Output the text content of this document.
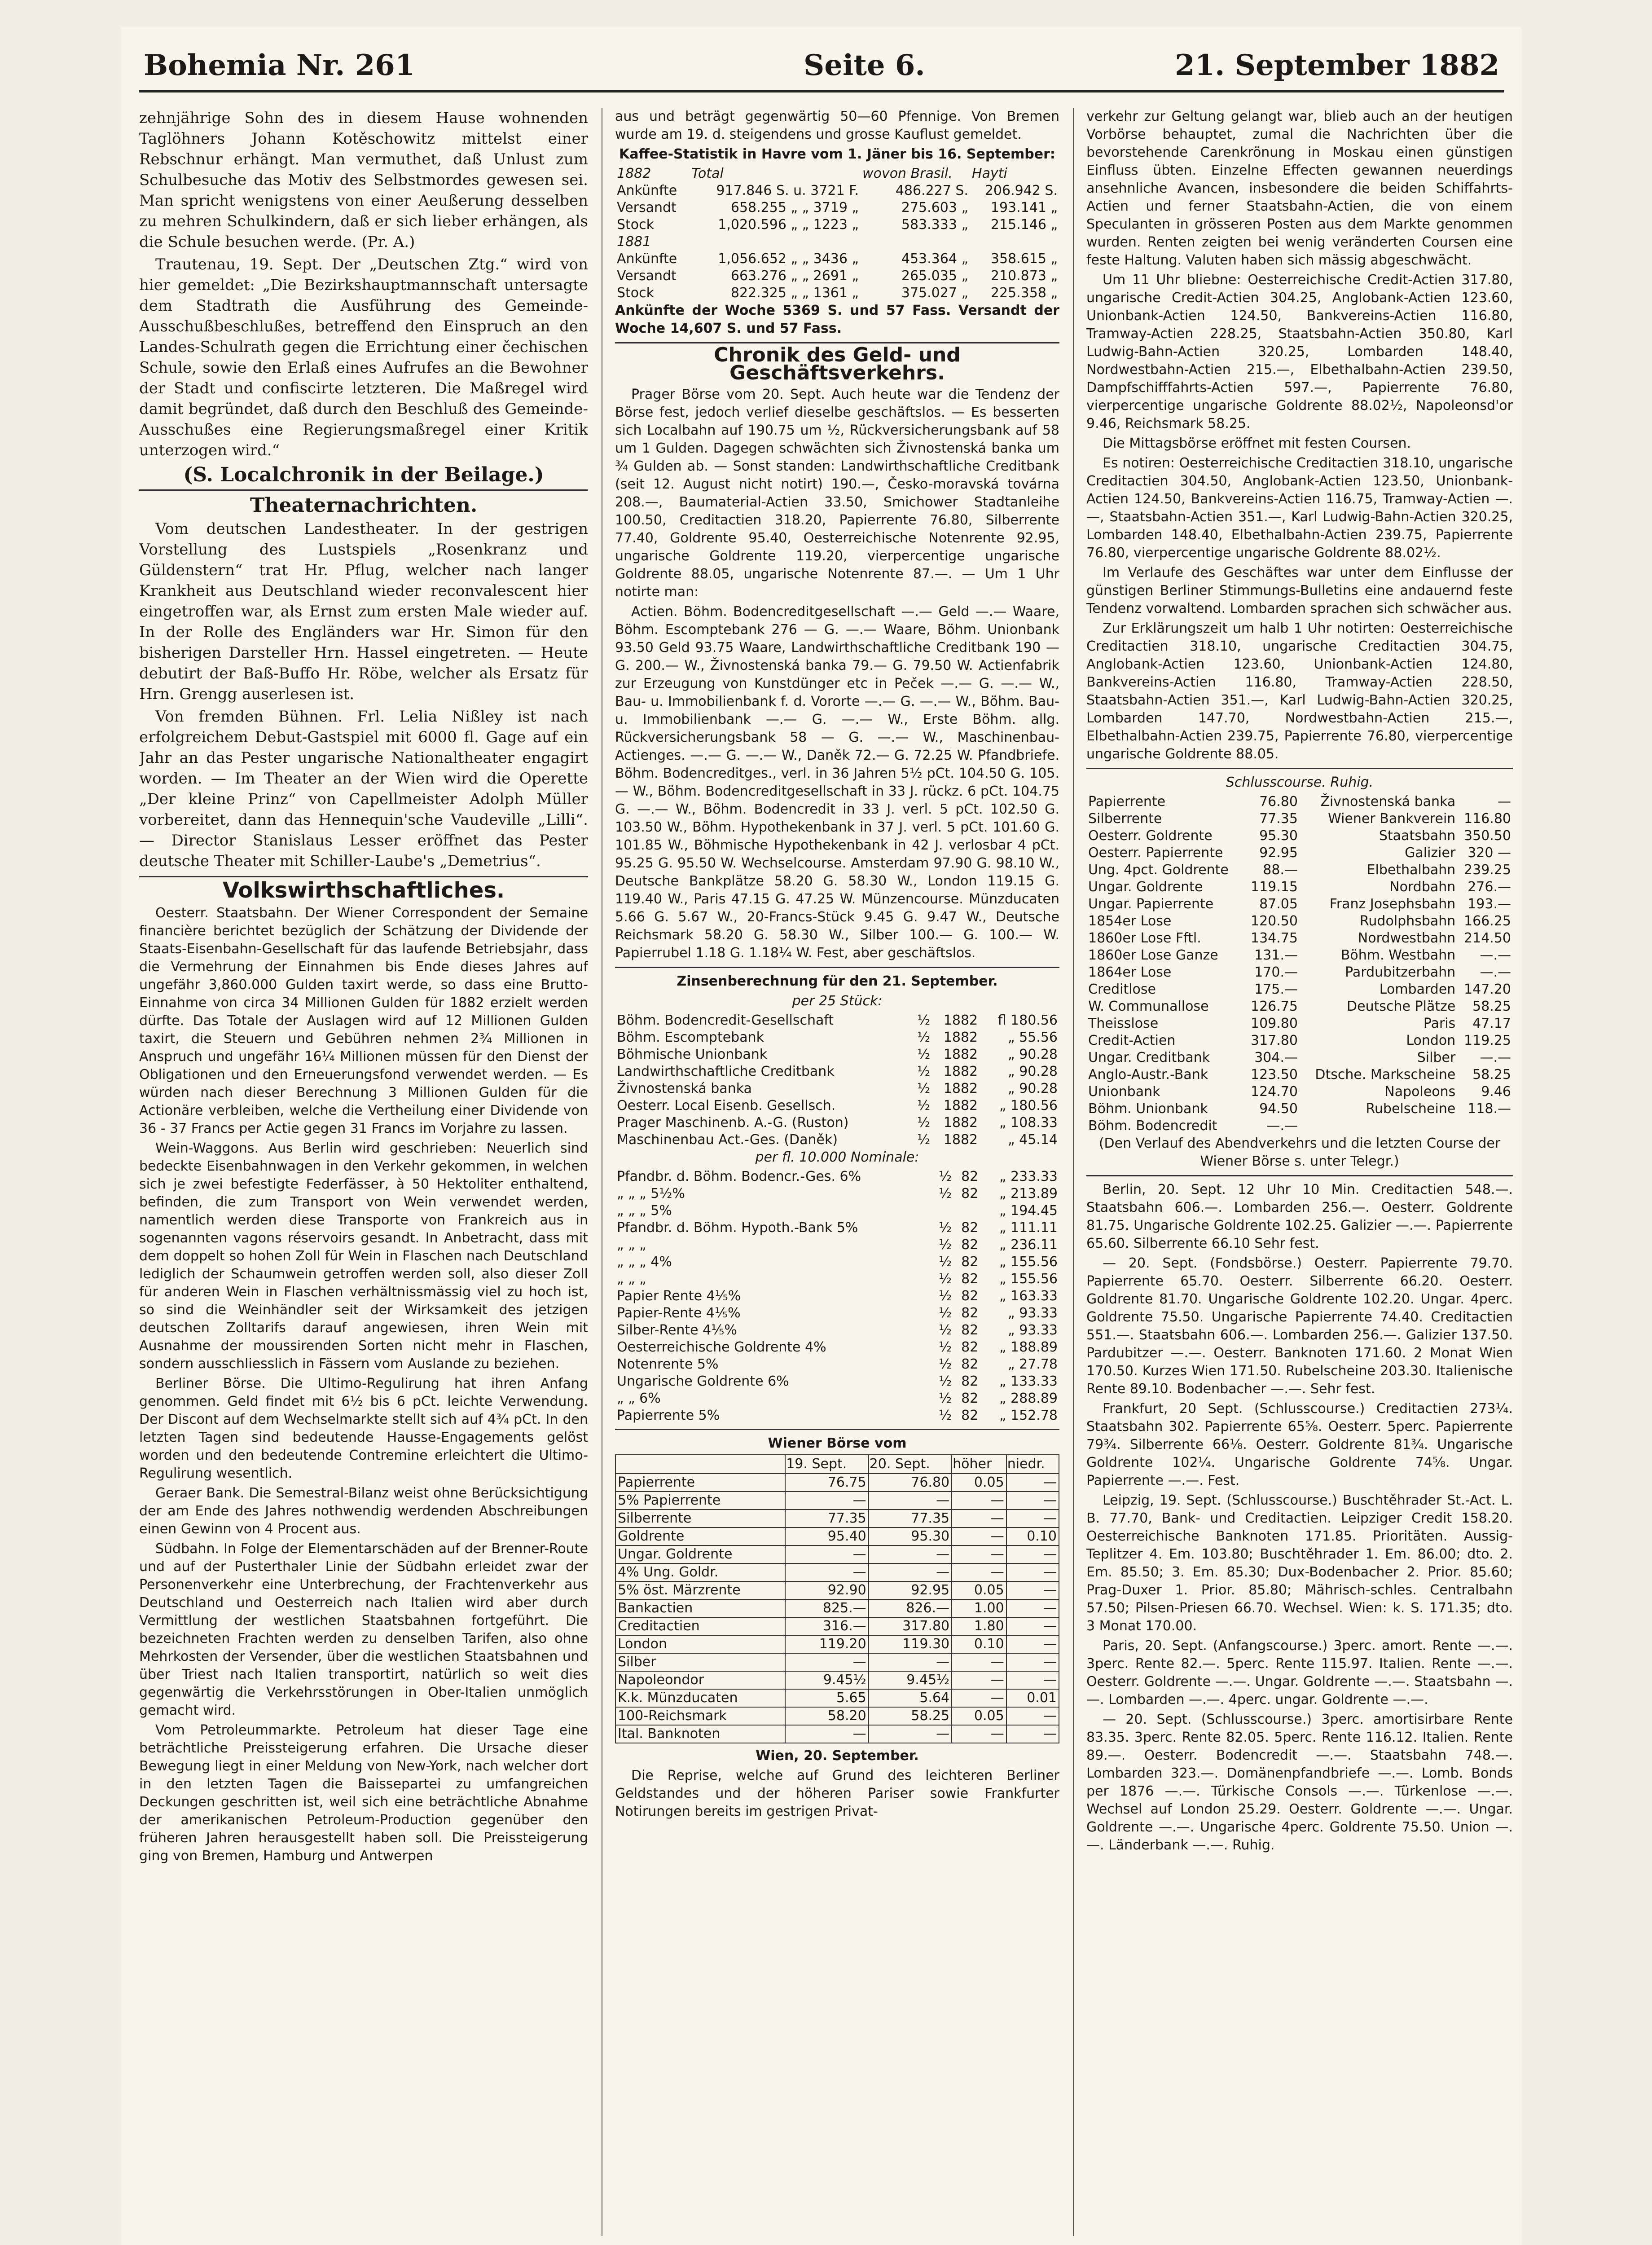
Bohemia Nr. 261	Seite 6.	21. September 1882

zehnjährige Sohn des in diesem Hause wohnenden Taglöhners Johann Kotěschowitz mittelst einer Rebschnur erhängt. Man vermuthet, daß Unlust zum Schulbesuche das Motiv des Selbstmordes gewesen sei. Man spricht wenigstens von einer Aeußerung desselben zu mehren Schulkindern, daß er sich lieber erhängen, als die Schule besuchen werde. (Pr. A.)

Trautenau, 19. Sept. Der „Deutschen Ztg.“ wird von hier gemeldet: „Die Bezirkshauptmannschaft untersagte dem Stadtrath die Ausführung des Gemeinde-Ausschußbeschlußes, betreffend den Einspruch an den Landes-Schulrath gegen die Errichtung einer čechischen Schule, sowie den Erlaß eines Aufrufes an die Bewohner der Stadt und confiscirte letzteren. Die Maßregel wird damit begründet, daß durch den Beschluß des Gemeinde-Ausschußes eine Regierungsmaßregel einer Kritik unterzogen wird.“

(S. Localchronik in der Beilage.)

Theaternachrichten.

Vom deutschen Landestheater. In der gestrigen Vorstellung des Lustspiels „Rosenkranz und Güldenstern“ trat Hr. Pflug, welcher nach langer Krankheit aus Deutschland wieder reconvalescent hier eingetroffen war, als Ernst zum ersten Male wieder auf. In der Rolle des Engländers war Hr. Simon für den bisherigen Darsteller Hrn. Hassel eingetreten. — Heute debutirt der Baß-Buffo Hr. Röbe, welcher als Ersatz für Hrn. Grengg auserlesen ist.

Von fremden Bühnen. Frl. Lelia Nißley ist nach erfolgreichem Debut-Gastspiel mit 6000 fl. Gage auf ein Jahr an das Pester ungarische Nationaltheater engagirt worden. — Im Theater an der Wien wird die Operette „Der kleine Prinz“ von Capellmeister Adolph Müller vorbereitet, dann das Hennequin'sche Vaudeville „Lilli“. — Director Stanislaus Lesser eröffnet das Pester deutsche Theater mit Schiller-Laube's „Demetrius“.

Volkswirthschaftliches.

Oesterr. Staatsbahn. Der Wiener Correspondent der Semaine financière berichtet bezüglich der Schätzung der Dividende der Staats-Eisenbahn-Gesellschaft für das laufende Betriebsjahr, dass die Vermehrung der Einnahmen bis Ende dieses Jahres auf ungefähr 3,860.000 Gulden taxirt werde, so dass eine Brutto-Einnahme von circa 34 Millionen Gulden für 1882 erzielt werden dürfte. Das Totale der Auslagen wird auf 12 Millionen Gulden taxirt, die Steuern und Gebühren nehmen 2¾ Millionen in Anspruch und ungefähr 16¼ Millionen müssen für den Dienst der Obligationen und den Erneuerungsfond verwendet werden. — Es würden nach dieser Berechnung 3 Millionen Gulden für die Actionäre verbleiben, welche die Vertheilung einer Dividende von 36 - 37 Francs per Actie gegen 31 Francs im Vorjahre zu lassen.

Wein-Waggons. Aus Berlin wird geschrieben: Neuerlich sind bedeckte Eisenbahnwagen in den Verkehr gekommen, in welchen sich je zwei befestigte Federfässer, à 50 Hektoliter enthaltend, befinden, die zum Transport von Wein verwendet werden, namentlich werden diese Transporte von Frankreich aus in sogenannten vagons réservoirs gesandt. In Anbetracht, dass mit dem doppelt so hohen Zoll für Wein in Flaschen nach Deutschland lediglich der Schaumwein getroffen werden soll, also dieser Zoll für anderen Wein in Flaschen verhältnissmässig viel zu hoch ist, so sind die Weinhändler seit der Wirksamkeit des jetzigen deutschen Zolltarifs darauf angewiesen, ihren Wein mit Ausnahme der moussirenden Sorten nicht mehr in Flaschen, sondern ausschliesslich in Fässern vom Auslande zu beziehen.

Berliner Börse. Die Ultimo-Regulirung hat ihren Anfang genommen. Geld findet mit 6½ bis 6 pCt. leichte Verwendung. Der Discont auf dem Wechselmarkte stellt sich auf 4¾ pCt. In den letzten Tagen sind bedeutende Hausse-Engagements gelöst worden und den bedeutende Contremine erleichtert die Ultimo-Regulirung wesentlich.

Geraer Bank. Die Semestral-Bilanz weist ohne Berücksichtigung der am Ende des Jahres nothwendig werdenden Abschreibungen einen Gewinn von 4 Procent aus.

Südbahn. In Folge der Elementarschäden auf der Brenner-Route und auf der Pusterthaler Linie der Südbahn erleidet zwar der Personenverkehr eine Unterbrechung, der Frachtenverkehr aus Deutschland und Oesterreich nach Italien wird aber durch Vermittlung der westlichen Staatsbahnen fortgeführt. Die bezeichneten Frachten werden zu denselben Tarifen, also ohne Mehrkosten der Versender, über die westlichen Staatsbahnen und über Triest nach Italien transportirt, natürlich so weit dies gegenwärtig die Verkehrsstörungen in Ober-Italien unmöglich gemacht wird.

Vom Petroleummarkte. Petroleum hat dieser Tage eine beträchtliche Preissteigerung erfahren. Die Ursache dieser Bewegung liegt in einer Meldung von New-York, nach welcher dort in den letzten Tagen die Baissepartei zu umfangreichen Deckungen geschritten ist, weil sich eine beträchtliche Abnahme der amerikanischen Petroleum-Production gegenüber den früheren Jahren herausgestellt haben soll. Die Preissteigerung ging von Bremen, Hamburg und Antwerpen

aus und beträgt gegenwärtig 50—60 Pfennige. Von Bremen wurde am 19. d. steigendens und grosse Kauflust gemeldet.

Kaffee-Statistik in Havre vom 1. Jäner bis 16. September:

1882	Total	wovon Brasil.	Hayti
Ankünfte	917.846 S. u. 3721 F.	486.227 S.	206.942 S.
Versandt	658.255 „ „ 3719 „	275.603 „	193.141 „
Stock	1,020.596 „ „ 1223 „	583.333 „	215.146 „
1881			
Ankünfte	1,056.652 „ „ 3436 „	453.364 „	358.615 „
Versandt	663.276 „ „ 2691 „	265.035 „	210.873 „
Stock	822.325 „ „ 1361 „	375.027 „	225.358 „

Ankünfte der Woche 5369 S. und 57 Fass. Versandt der Woche 14,607 S. und 57 Fass.

Chronik des Geld- und Geschäftsverkehrs.

Prager Börse vom 20. Sept. Auch heute war die Tendenz der Börse fest, jedoch verlief dieselbe geschäftslos. — Es besserten sich Localbahn auf 190.75 um ½, Rückversicherungsbank auf 58 um 1 Gulden. Dagegen schwächten sich Živnostenská banka um ¾ Gulden ab. — Sonst standen: Landwirthschaftliche Creditbank (seit 12. August nicht notirt) 190.—, Česko-moravská továrna 208.—, Baumaterial-Actien 33.50, Smichower Stadtanleihe 100.50, Creditactien 318.20, Papierrente 76.80, Silberrente 77.40, Goldrente 95.40, Oesterreichische Notenrente 92.95, ungarische Goldrente 119.20, vierpercentige ungarische Goldrente 88.05, ungarische Notenrente 87.—. — Um 1 Uhr notirte man:

Actien. Böhm. Bodencreditgesellschaft —.— Geld —.— Waare, Böhm. Escomptebank 276 — G. —.— Waare, Böhm. Unionbank 93.50 Geld 93.75 Waare, Landwirthschaftliche Creditbank 190 — G. 200.— W., Živnostenská banka 79.— G. 79.50 W. Actienfabrik zur Erzeugung von Kunstdünger etc in Peček —.— G. —.— W., Bau- u. Immobilienbank f. d. Vororte —.— G. —.— W., Böhm. Bau- u. Immobilienbank —.— G. —.— W., Erste Böhm. allg. Rückversicherungsbank 58 — G. —.— W., Maschinenbau-Actienges. —.— G. —.— W., Daněk 72.— G. 72.25 W. Pfandbriefe. Böhm. Bodencreditges., verl. in 36 Jahren 5½ pCt. 104.50 G. 105.— W., Böhm. Bodencreditgesellschaft in 33 J. rückz. 6 pCt. 104.75 G. —.— W., Böhm. Bodencredit in 33 J. verl. 5 pCt. 102.50 G. 103.50 W., Böhm. Hypothekenbank in 37 J. verl. 5 pCt. 101.60 G. 101.85 W., Böhmische Hypothekenbank in 42 J. verlosbar 4 pCt. 95.25 G. 95.50 W. Wechselcourse. Amsterdam 97.90 G. 98.10 W., Deutsche Bankplätze 58.20 G. 58.30 W., London 119.15 G. 119.40 W., Paris 47.15 G. 47.25 W. Münzencourse. Münzducaten 5.66 G. 5.67 W., 20-Francs-Stück 9.45 G. 9.47 W., Deutsche Reichsmark 58.20 G. 58.30 W., Silber 100.— G. 100.— W. Papierrubel 1.18 G. 1.18¼ W. Fest, aber geschäftslos.

Zinsenberechnung für den 21. September.

per 25 Stück:

Böhm. Bodencredit-Gesellschaft	½	1882	fl 180.56
Böhm. Escomptebank	½	1882	„ 55.56
Böhmische Unionbank	½	1882	„ 90.28
Landwirthschaftliche Creditbank	½	1882	„ 90.28
Živnostenská banka	½	1882	„ 90.28
Oesterr. Local Eisenb. Gesellsch.	½	1882	„ 180.56
Prager Maschinenb. A.-G. (Ruston)	½	1882	„ 108.33
Maschinenbau Act.-Ges. (Daněk)	½	1882	„ 45.14

per fl. 10.000 Nominale:

Pfandbr. d. Böhm. Bodencr.-Ges. 6%	½	82	„ 233.33
„ „ „ 5½%	½	82	„ 213.89
„ „ „ 5%			„ 194.45
Pfandbr. d. Böhm. Hypoth.-Bank 5%	½	82	„ 111.11
„ „ „	½	82	„ 236.11
„ „ „ 4%	½	82	„ 155.56
„ „ „	½	82	„ 155.56
Papier Rente 4⅕%	½	82	„ 163.33
Papier-Rente 4⅕%	½	82	„ 93.33
Silber-Rente 4⅕%	½	82	„ 93.33
Oesterreichische Goldrente 4%	½	82	„ 188.89
Notenrente 5%	½	82	„ 27.78
Ungarische Goldrente 6%	½	82	„ 133.33
„ „ 6%	½	82	„ 288.89
Papierrente 5%	½	82	„ 152.78

Wiener Börse vom

	19. Sept.	20. Sept.	höher	niedr.
Papierrente	76.75	76.80	0.05	—
5% Papierrente	—	—	—	—
Silberrente	77.35	77.35	—	—
Goldrente	95.40	95.30	—	0.10
Ungar. Goldrente	—	—	—	—
4% Ung. Goldr.	—	—	—	—
5% öst. Märzrente	92.90	92.95	0.05	—
Bankactien	825.—	826.—	1.00	—
Creditactien	316.—	317.80	1.80	—
London	119.20	119.30	0.10	—
Silber	—	—	—	—
Napoleondor	9.45½	9.45½	—	—
K.k. Münzducaten	5.65	5.64	—	0.01
100-Reichsmark	58.20	58.25	0.05	—
Ital. Banknoten	—	—	—	—

Wien, 20. September.

Die Reprise, welche auf Grund des leichteren Berliner Geldstandes und der höheren Pariser sowie Frankfurter Notirungen bereits im gestrigen Privat-

verkehr zur Geltung gelangt war, blieb auch an der heutigen Vorbörse behauptet, zumal die Nachrichten über die bevorstehende Carenkrönung in Moskau einen günstigen Einfluss übten. Einzelne Effecten gewannen neuerdings ansehnliche Avancen, insbesondere die beiden Schiffahrts-Actien und ferner Staatsbahn-Actien, die von einem Speculanten in grösseren Posten aus dem Markte genommen wurden. Renten zeigten bei wenig veränderten Coursen eine feste Haltung. Valuten haben sich mässig abgeschwächt.

Um 11 Uhr bliebne: Oesterreichische Credit-Actien 317.80, ungarische Credit-Actien 304.25, Anglobank-Actien 123.60, Unionbank-Actien 124.50, Bankvereins-Actien 116.80, Tramway-Actien 228.25, Staatsbahn-Actien 350.80, Karl Ludwig-Bahn-Actien 320.25, Lombarden 148.40, Nordwestbahn-Actien 215.—, Elbethalbahn-Actien 239.50, Dampfschifffahrts-Actien 597.—, Papierrente 76.80, vierpercentige ungarische Goldrente 88.02½, Napoleonsd'or 9.46, Reichsmark 58.25.

Die Mittagsbörse eröffnet mit festen Coursen.

Es notiren: Oesterreichische Creditactien 318.10, ungarische Creditactien 304.50, Anglobank-Actien 123.50, Unionbank-Actien 124.50, Bankvereins-Actien 116.75, Tramway-Actien —.—, Staatsbahn-Actien 351.—, Karl Ludwig-Bahn-Actien 320.25, Lombarden 148.40, Elbethalbahn-Actien 239.75, Papierrente 76.80, vierpercentige ungarische Goldrente 88.02½.

Im Verlaufe des Geschäftes war unter dem Einflusse der günstigen Berliner Stimmungs-Bulletins eine andauernd feste Tendenz vorwaltend. Lombarden sprachen sich schwächer aus.

Zur Erklärungszeit um halb 1 Uhr notirten: Oesterreichische Creditactien 318.10, ungarische Creditactien 304.75, Anglobank-Actien 123.60, Unionbank-Actien 124.80, Bankvereins-Actien 116.80, Tramway-Actien 228.50, Staatsbahn-Actien 351.—, Karl Ludwig-Bahn-Actien 320.25, Lombarden 147.70, Nordwestbahn-Actien 215.—, Elbethalbahn-Actien 239.75, Papierrente 76.80, vierpercentige ungarische Goldrente 88.05.

Schlusscourse. Ruhig.

Papierrente	76.80	Živnostenská banka	—
Silberrente	77.35	Wiener Bankverein	116.80
Oesterr. Goldrente	95.30	Staatsbahn	350.50
Oesterr. Papierrente	92.95	Galizier	320 —
Ung. 4pct. Goldrente	88.—	Elbethalbahn	239.25
Ungar. Goldrente	119.15	Nordbahn	276.—
Ungar. Papierrente	87.05	Franz Josephsbahn	193.—
1854er Lose	120.50	Rudolphsbahn	166.25
1860er Lose Fftl.	134.75	Nordwestbahn	214.50
1860er Lose Ganze	131.—	Böhm. Westbahn	—.—
1864er Lose	170.—	Pardubitzerbahn	—.—
Creditlose	175.—	Lombarden	147.20
W. Communallose	126.75	Deutsche Plätze	58.25
Theisslose	109.80	Paris	47.17
Credit-Actien	317.80	London	119.25
Ungar. Creditbank	304.—	Silber	—.—
Anglo-Austr.-Bank	123.50	Dtsche. Markscheine	58.25
Unionbank	124.70	Napoleons	9.46
Böhm. Unionbank	94.50	Rubelscheine	118.—
Böhm. Bodencredit	—.—		

(Den Verlauf des Abendverkehrs und die letzten Course der Wiener Börse s. unter Telegr.)

Berlin, 20. Sept. 12 Uhr 10 Min. Creditactien 548.—. Staatsbahn 606.—. Lombarden 256.—. Oesterr. Goldrente 81.75. Ungarische Goldrente 102.25. Galizier —.—. Papierrente 65.60. Silberrente 66.10 Sehr fest.

— 20. Sept. (Fondsbörse.) Oesterr. Papierrente 79.70. Papierrente 65.70. Oesterr. Silberrente 66.20. Oesterr. Goldrente 81.70. Ungarische Goldrente 102.20. Ungar. 4perc. Goldrente 75.50. Ungarische Papierrente 74.40. Creditactien 551.—. Staatsbahn 606.—. Lombarden 256.—. Galizier 137.50. Pardubitzer —.—. Oesterr. Banknoten 171.60. 2 Monat Wien 170.50. Kurzes Wien 171.50. Rubelscheine 203.30. Italienische Rente 89.10. Bodenbacher —.—. Sehr fest.

Frankfurt, 20 Sept. (Schlusscourse.) Creditactien 273¼. Staatsbahn 302. Papierrente 65⅝. Oesterr. 5perc. Papierrente 79¾. Silberrente 66⅛. Oesterr. Goldrente 81¾. Ungarische Goldrente 102¼. Ungarische Goldrente 74⅝. Ungar. Papierrente —.—. Fest.

Leipzig, 19. Sept. (Schlusscourse.) Buschtěhrader St.-Act. L. B. 77.70, Bank- und Creditactien. Leipziger Credit 158.20. Oesterreichische Banknoten 171.85. Prioritäten. Aussig-Teplitzer 4. Em. 103.80; Buschtěhrader 1. Em. 86.00; dto. 2. Em. 85.50; 3. Em. 85.30; Dux-Bodenbacher 2. Prior. 85.60; Prag-Duxer 1. Prior. 85.80; Mährisch-schles. Centralbahn 57.50; Pilsen-Priesen 66.70. Wechsel. Wien: k. S. 171.35; dto. 3 Monat 170.00.

Paris, 20. Sept. (Anfangscourse.) 3perc. amort. Rente —.—. 3perc. Rente 82.—. 5perc. Rente 115.97. Italien. Rente —.—. Oesterr. Goldrente —.—. Ungar. Goldrente —.—. Staatsbahn —.—. Lombarden —.—. 4perc. ungar. Goldrente —.—.

— 20. Sept. (Schlusscourse.) 3perc. amortisirbare Rente 83.35. 3perc. Rente 82.05. 5perc. Rente 116.12. Italien. Rente 89.—. Oesterr. Bodencredit —.—. Staatsbahn 748.—. Lombarden 323.—. Domänenpfandbriefe —.—. Lomb. Bonds per 1876 —.—. Türkische Consols —.—. Türkenlose —.—. Wechsel auf London 25.29. Oesterr. Goldrente —.—. Ungar. Goldrente —.—. Ungarische 4perc. Goldrente 75.50. Union —.—. Länderbank —.—. Ruhig.
